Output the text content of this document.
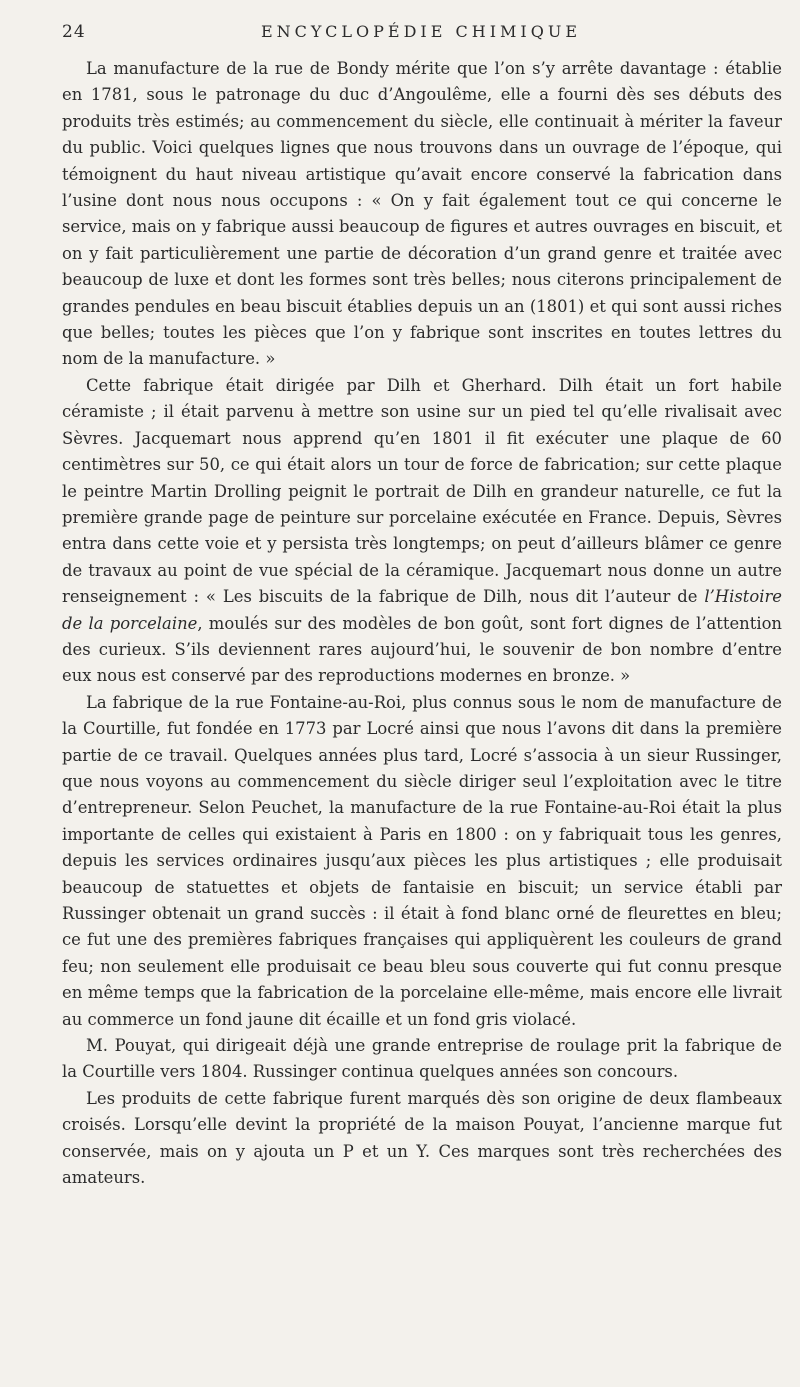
24	ENCYCLOPÉDIE CHIMIQUE

La manufacture de la rue de Bondy mérite que l’on s’y arrête davantage : établie en 1781, sous le patronage du duc d’Angoulême, elle a fourni dès ses débuts des produits très estimés; au commencement du siècle, elle continuait à mériter la faveur du public. Voici quelques lignes que nous trouvons dans un ouvrage de l’époque, qui témoignent du haut niveau artistique qu’avait encore conservé la fabrication dans l’usine dont nous nous occupons : « On y fait également tout ce qui concerne le service, mais on y fabrique aussi beaucoup de figures et autres ouvrages en biscuit, et on y fait particulièrement une partie de décoration d’un grand genre et traitée avec beaucoup de luxe et dont les formes sont très belles; nous citerons principalement de grandes pendules en beau biscuit établies depuis un an (1801) et qui sont aussi riches que belles; toutes les pièces que l’on y fabrique sont inscrites en toutes lettres du nom de la manufacture. »

Cette fabrique était dirigée par Dilh et Gherhard. Dilh était un fort habile céramiste ; il était parvenu à mettre son usine sur un pied tel qu’elle rivalisait avec Sèvres. Jacquemart nous apprend qu’en 1801 il fit exécuter une plaque de 60 centimètres sur 50, ce qui était alors un tour de force de fabrication; sur cette plaque le peintre Martin Drolling peignit le portrait de Dilh en grandeur naturelle, ce fut la première grande page de peinture sur porcelaine exécutée en France. Depuis, Sèvres entra dans cette voie et y persista très longtemps; on peut d’ailleurs blâmer ce genre de travaux au point de vue spécial de la céramique. Jacquemart nous donne un autre renseignement : « Les biscuits de la fabrique de Dilh, nous dit l’auteur de l’Histoire de la porcelaine, moulés sur des modèles de bon goût, sont fort dignes de l’attention des curieux. S’ils deviennent rares aujourd’hui, le souvenir de bon nombre d’entre eux nous est conservé par des reproductions modernes en bronze. »

La fabrique de la rue Fontaine-au-Roi, plus connus sous le nom de manufacture de la Courtille, fut fondée en 1773 par Locré ainsi que nous l’avons dit dans la première partie de ce travail. Quelques années plus tard, Locré s’associa à un sieur Russinger, que nous voyons au commencement du siècle diriger seul l’exploitation avec le titre d’entrepreneur. Selon Peuchet, la manufacture de la rue Fontaine-au-Roi était la plus importante de celles qui existaient à Paris en 1800 : on y fabriquait tous les genres, depuis les services ordinaires jusqu’aux pièces les plus artistiques ; elle produisait beaucoup de statuettes et objets de fantaisie en biscuit; un service établi par Russinger obtenait un grand succès : il était à fond blanc orné de fleurettes en bleu; ce fut une des premières fabriques françaises qui appliquèrent les couleurs de grand feu; non seulement elle produisait ce beau bleu sous couverte qui fut connu presque en même temps que la fabrication de la porcelaine elle-même, mais encore elle livrait au commerce un fond jaune dit écaille et un fond gris violacé.

M. Pouyat, qui dirigeait déjà une grande entreprise de roulage prit la fabrique de la Courtille vers 1804. Russinger continua quelques années son concours.

Les produits de cette fabrique furent marqués dès son origine de deux flambeaux croisés. Lorsqu’elle devint la propriété de la maison Pouyat, l’ancienne marque fut conservée, mais on y ajouta un P et un Y. Ces marques sont très recherchées des amateurs.
